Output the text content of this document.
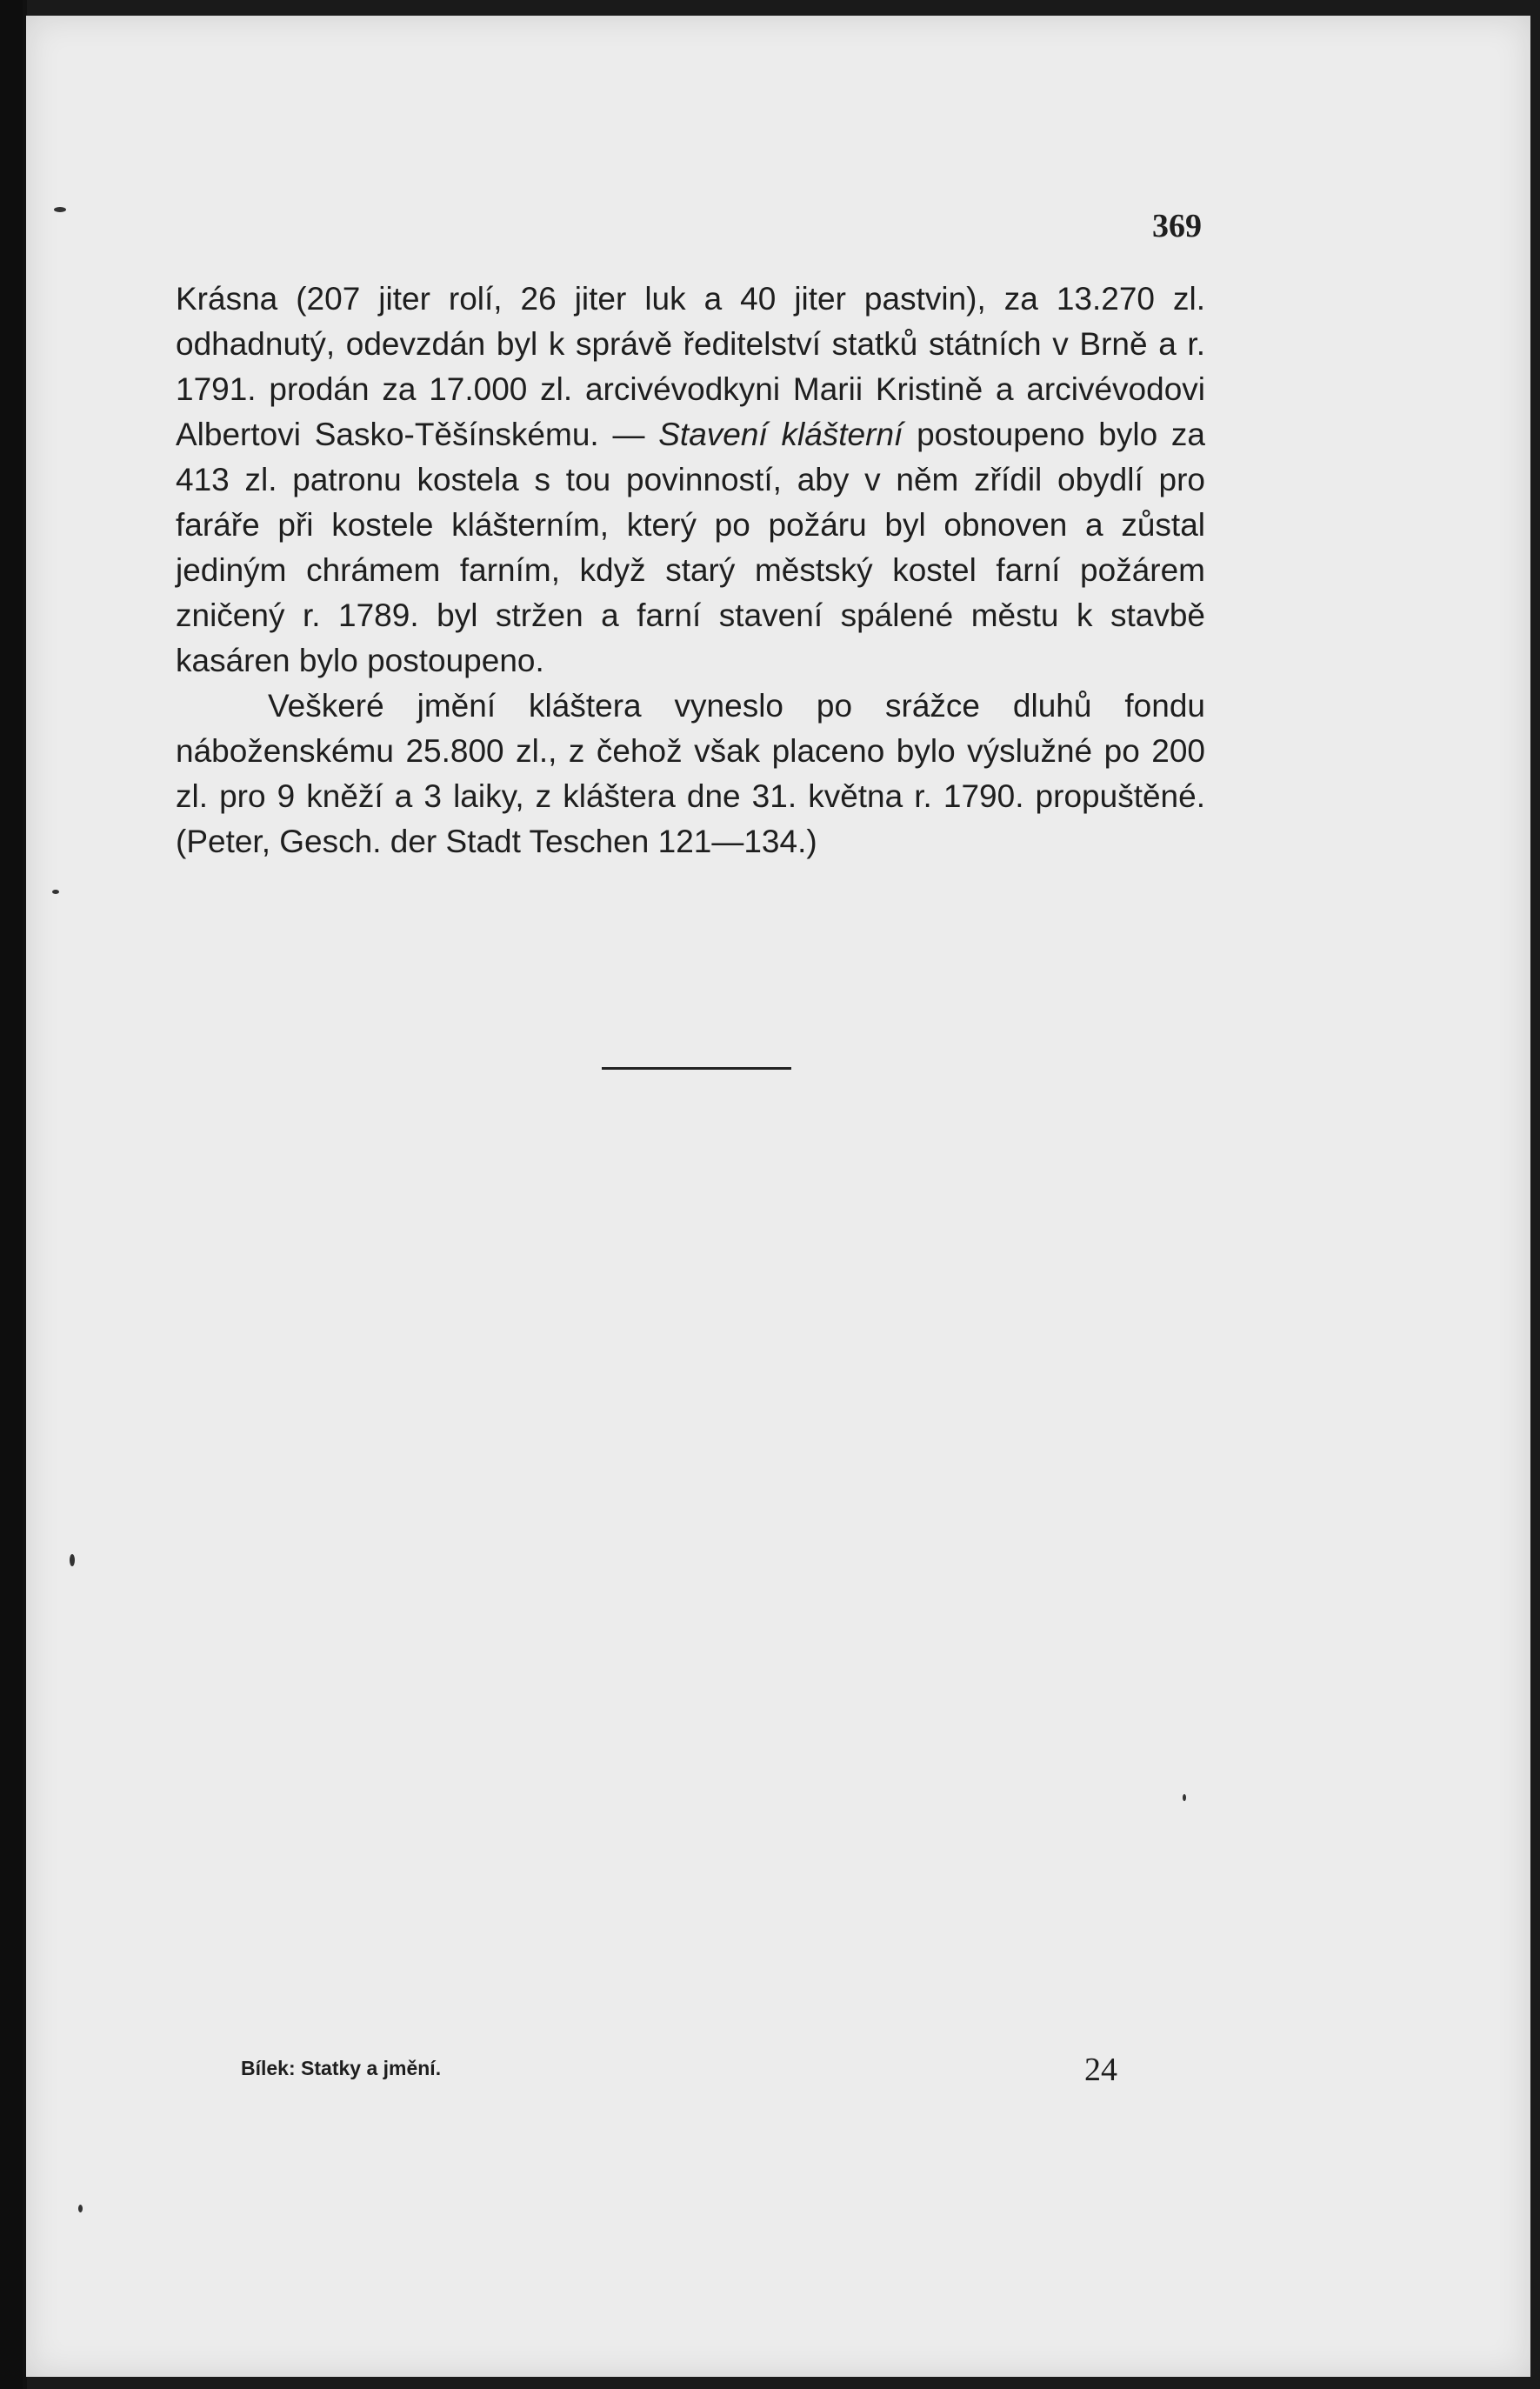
369

Krásna (207 jiter rolí, 26 jiter luk a 40 jiter pastvin), za 13.270 zl. odhadnutý, odevzdán byl k správě ředitelství statků státních v Brně a r. 1791. prodán za 17.000 zl. arcivévodkyni Marii Kristině a arcivévodovi Albertovi Sasko-Těšínskému. — Stavení klášterní postoupeno bylo za 413 zl. patronu kostela s tou povinností, aby v něm zřídil obydlí pro faráře při kostele klášterním, který po požáru byl obnoven a zůstal jediným chrámem farním, když starý městský kostel farní požárem zničený r. 1789. byl stržen a farní stavení spálené městu k stavbě kasáren bylo postoupeno.

Veškeré jmění kláštera vyneslo po srážce dluhů fondu náboženskému 25.800 zl., z čehož však placeno bylo výslužné po 200 zl. pro 9 kněží a 3 laiky, z kláštera dne 31. května r. 1790. propuštěné. (Peter, Gesch. der Stadt Teschen 121—134.)

Bílek: Statky a jmění.	24
